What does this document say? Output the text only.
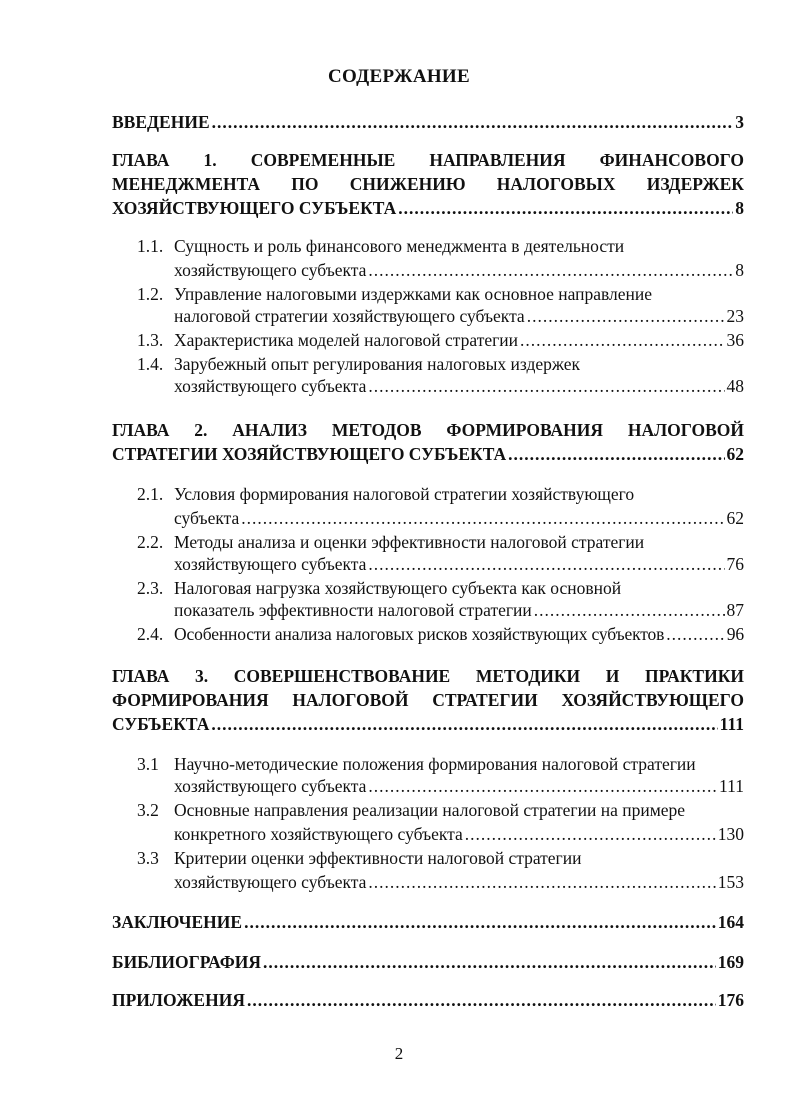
СОДЕРЖАНИЕ
ВВЕДЕНИЕ .....	3
ГЛАВА 1. СОВРЕМЕННЫЕ НАПРАВЛЕНИЯ ФИНАНСОВОГО
МЕНЕДЖМЕНТА ПО СНИЖЕНИЮ НАЛОГОВЫХ ИЗДЕРЖЕК
ХОЗЯЙСТВУЮЩЕГО СУБЪЕКТА .....	8
1.1. Сущность и роль финансового менеджмента в деятельности
хозяйствующего субъекта .....	8
1.2. Управление налоговыми издержками как основное направление
налоговой стратегии хозяйствующего субъекта .....	23
1.3. Характеристика моделей налоговой стратегии .....	36
1.4. Зарубежный опыт регулирования налоговых издержек
хозяйствующего субъекта .....	48
ГЛАВА 2. АНАЛИЗ МЕТОДОВ ФОРМИРОВАНИЯ НАЛОГОВОЙ
СТРАТЕГИИ ХОЗЯЙСТВУЮЩЕГО СУБЪЕКТА .....	62
2.1. Условия формирования налоговой стратегии хозяйствующего
субъекта .....	62
2.2. Методы анализа и оценки эффективности налоговой стратегии
хозяйствующего субъекта .....	76
2.3. Налоговая нагрузка хозяйствующего субъекта как основной
показатель эффективности налоговой стратегии .....	87
2.4. Особенности анализа налоговых рисков хозяйствующих субъектов .....	96
ГЛАВА 3. СОВЕРШЕНСТВОВАНИЕ МЕТОДИКИ И ПРАКТИКИ
ФОРМИРОВАНИЯ НАЛОГОВОЙ СТРАТЕГИИ ХОЗЯЙСТВУЮЩЕГО
СУБЪЕКТА .....	111
3.1 Научно-методические положения формирования налоговой стратегии
хозяйствующего субъекта .....	111
3.2 Основные направления реализации налоговой стратегии на примере
конкретного хозяйствующего субъекта .....	130
3.3 Критерии оценки эффективности налоговой стратегии
хозяйствующего субъекта .....	153
ЗАКЛЮЧЕНИЕ .....	164
БИБЛИОГРАФИЯ .....	169
ПРИЛОЖЕНИЯ .....	176
2
